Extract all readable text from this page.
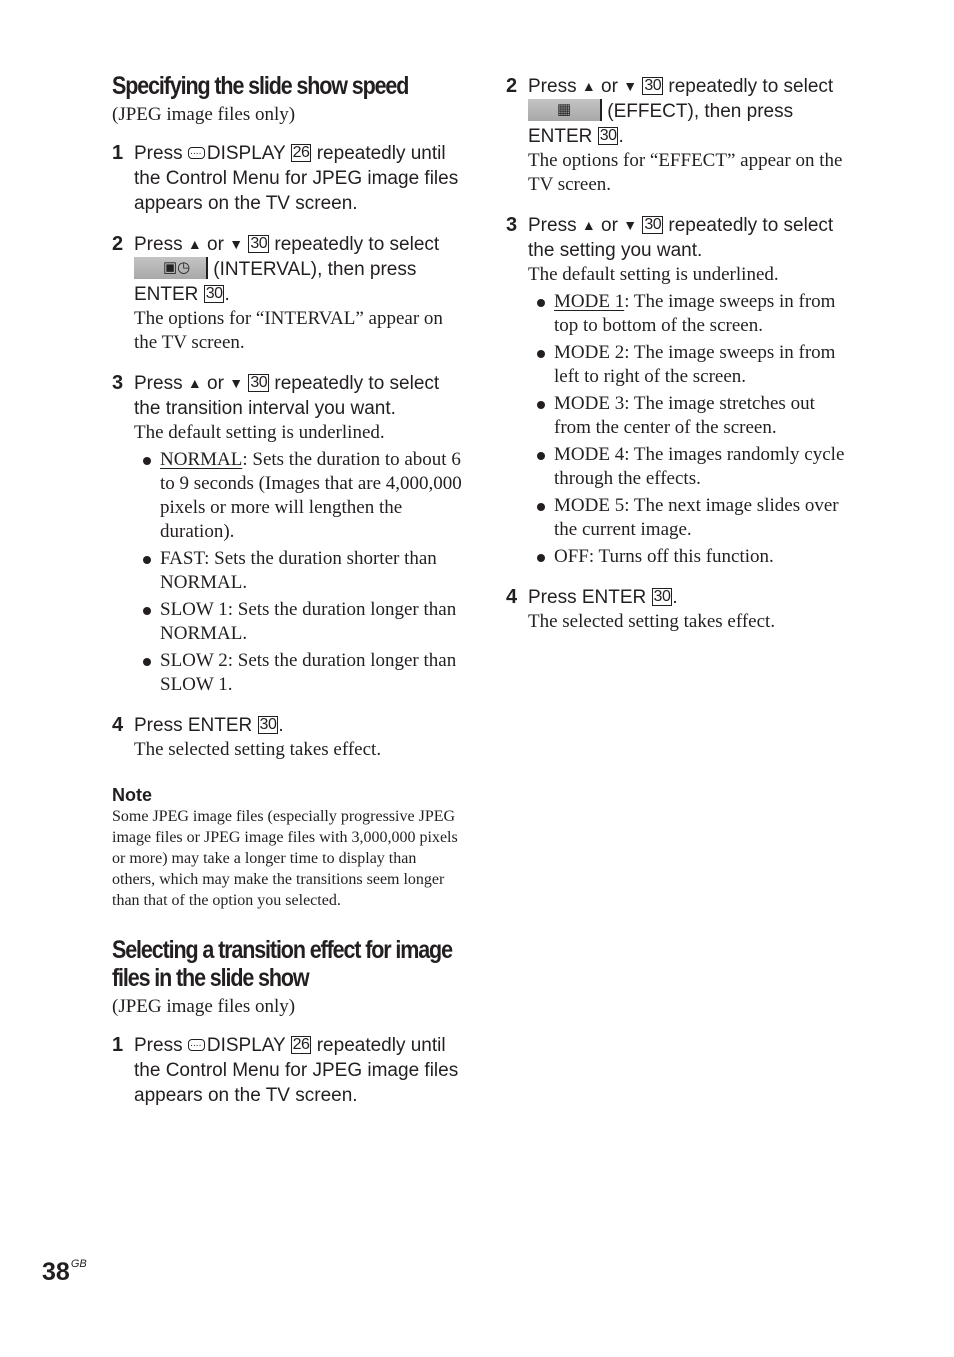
Specifying the slide show speed

(JPEG image files only)

1 Press ···· DISPLAY 26 repeatedly until the Control Menu for JPEG image files appears on the TV screen.
2 Press ▲ or ▼ 30 repeatedly to select
▣◷ (INTERVAL), then press ENTER 30 .
The options for “INTERVAL” appear on the TV screen.
3 Press ▲ or ▼ 30 repeatedly to select the transition interval you want.
The default setting is underlined.
NORMAL: Sets the duration to about 6 to 9 seconds (Images that are 4,000,000 pixels or more will lengthen the duration).
FAST: Sets the duration shorter than NORMAL.
SLOW 1: Sets the duration longer than NORMAL.
SLOW 2: Sets the duration longer than SLOW 1.
4 Press ENTER 30 .
The selected setting takes effect.
Note
Some JPEG image files (especially progressive JPEG image files or JPEG image files with 3,000,000 pixels or more) may take a longer time to display than others, which may make the transitions seem longer than that of the option you selected.
Selecting a transition effect for image
files in the slide show

(JPEG image files only)

1 Press ···· DISPLAY 26 repeatedly until the Control Menu for JPEG image files appears on the TV screen.
2 Press ▲ or ▼ 30 repeatedly to select
▦ (EFFECT), then press ENTER 30 .
The options for “EFFECT” appear on the TV screen.
3 Press ▲ or ▼ 30 repeatedly to select the setting you want.
The default setting is underlined.
MODE 1: The image sweeps in from top to bottom of the screen.
MODE 2: The image sweeps in from left to right of the screen.
MODE 3: The image stretches out from the center of the screen.
MODE 4: The images randomly cycle through the effects.
MODE 5: The next image slides over the current image.
OFF: Turns off this function.
4 Press ENTER 30 .
The selected setting takes effect.
$38^{GB}$
